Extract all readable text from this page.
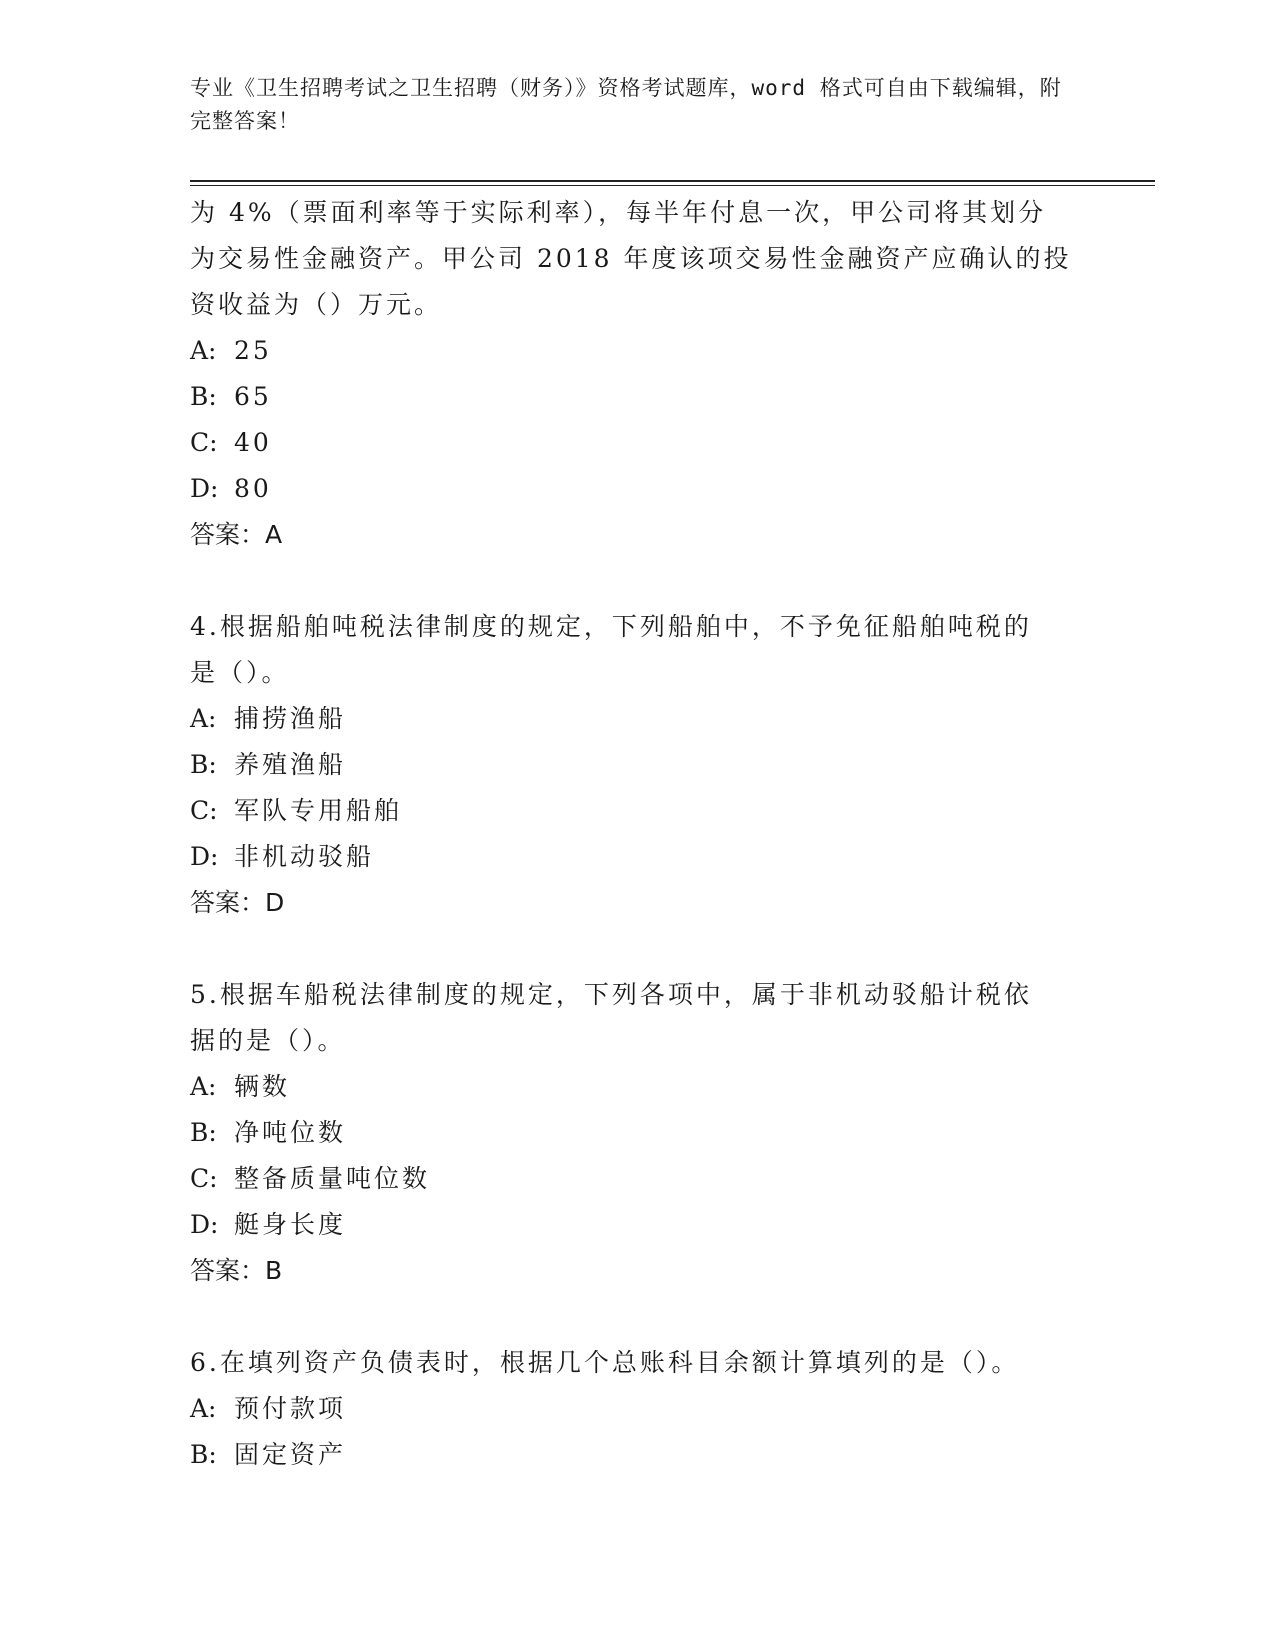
专业《卫生招聘考试之卫生招聘（财务）》资格考试题库，word 格式可自由下载编辑，附完整答案！

为 4%（票面利率等于实际利率），每半年付息一次，甲公司将其划分

为交易性金融资产。甲公司 2018 年度该项交易性金融资产应确认的投

资收益为（）万元。

A: 25

B: 65

C: 40

D: 80

答案：A

4.根据船舶吨税法律制度的规定，下列船舶中，不予免征船舶吨税的

是（）。

A: 捕捞渔船

B: 养殖渔船

C: 军队专用船舶

D: 非机动驳船

答案：D

5.根据车船税法律制度的规定，下列各项中，属于非机动驳船计税依

据的是（）。

A: 辆数

B: 净吨位数

C: 整备质量吨位数

D: 艇身长度

答案：B

6.在填列资产负债表时，根据几个总账科目余额计算填列的是（）。

A: 预付款项

B: 固定资产
